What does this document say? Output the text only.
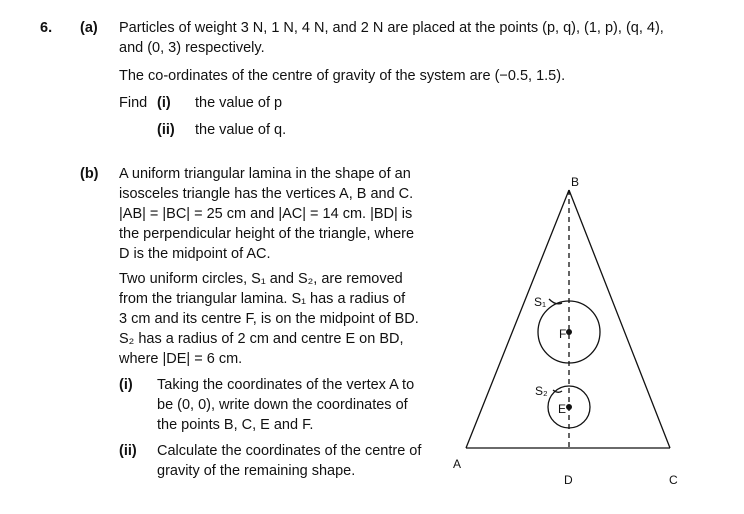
6. (a) Particles of weight 3 N, 1 N, 4 N, and 2 N are placed at the points (p, q), (1, p), (q, 4),
and (0, 3) respectively.
The co-ordinates of the centre of gravity of the system are (−0.5, 1.5).
Find (i) the value of p
(ii) the value of q.
(b) A uniform triangular lamina in the shape of an
isosceles triangle has the vertices A, B and C.
|AB| = |BC| = 25 cm and |AC| = 14 cm. |BD| is
the perpendicular height of the triangle, where
D is the midpoint of AC.
Two uniform circles, S₁ and S₂, are removed
from the triangular lamina. S₁ has a radius of
3 cm and its centre F, is on the midpoint of BD.
S₂ has a radius of 2 cm and centre E on BD,
where |DE| = 6 cm.
(i) Taking the coordinates of the vertex A to
be (0, 0), write down the coordinates of
the points B, C, E and F.
(ii) Calculate the coordinates of the centre of
gravity of the remaining shape.
B
A
C
D
F
E
S₁
S₂
